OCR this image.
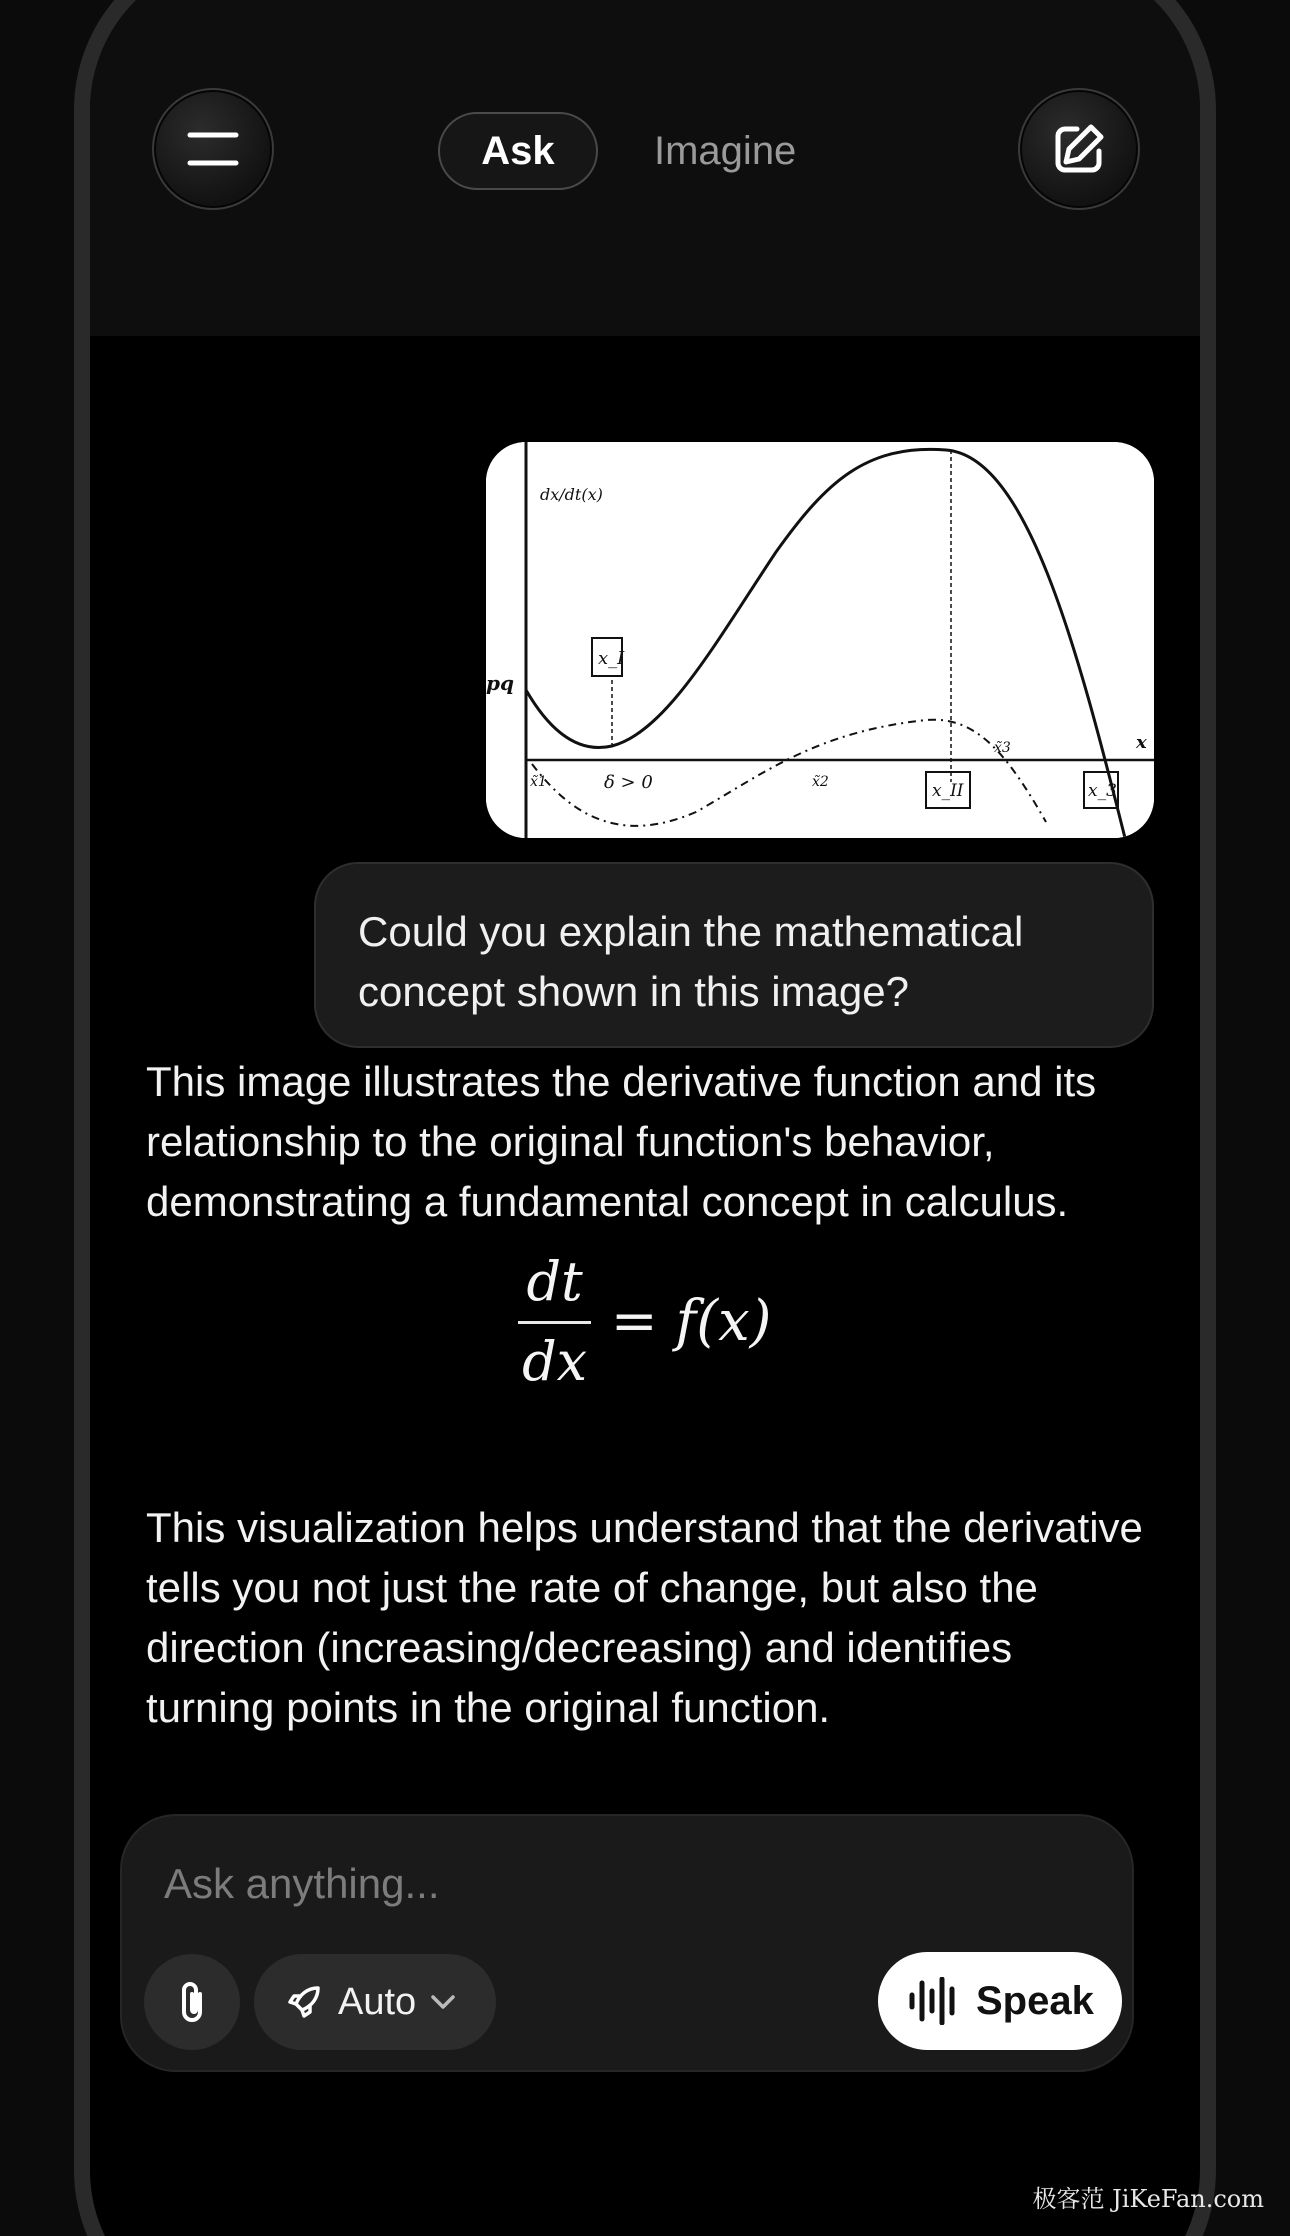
Ask	Imagine
x_I
x_II	x_3
dx/dt(x)
pq
x
x̃1	δ > 0	x̃2
x̃3
Could you explain the mathematical concept shown in this image?

This image illustrates the derivative function and its relationship to the original function's behavior, demonstrating a fundamental concept in calculus.

$\frac{dt}{dx} = f(x)$

This visualization helps understand that the derivative tells you not just the rate of change, but also the direction (increasing/decreasing) and identifies turning points in the original function.

Ask anything...
Auto	Speak
极客范 JiKeFan.com
